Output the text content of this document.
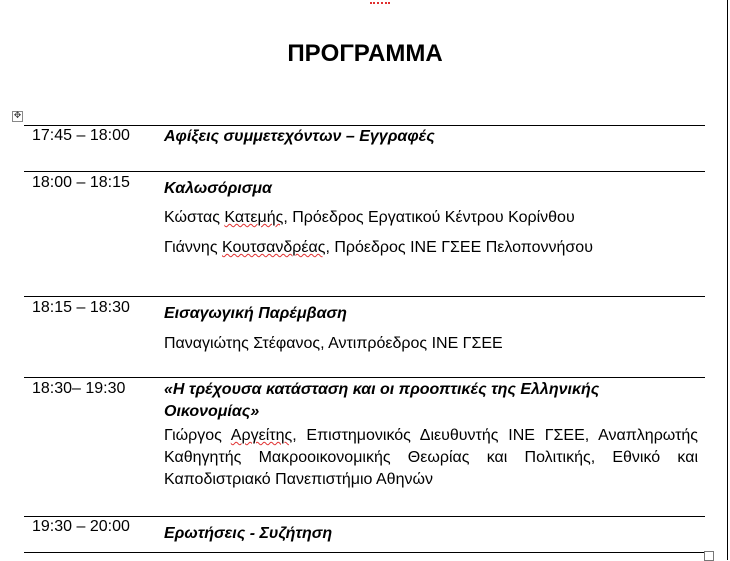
ΠΡΟΓΡΑΜΜΑ
✥
17:45 – 18:00 Αφίξεις συμμετεχόντων – Εγγραφές
18:00 – 18:15 Καλωσόρισμα
Κώστας Κατεμής, Πρόεδρος Εργατικού Κέντρου Κορίνθου
Γιάννης Κουτσανδρέας, Πρόεδρος ΙΝΕ ΓΣΕΕ Πελοποννήσου
18:15 – 18:30 Εισαγωγική Παρέμβαση
Παναγιώτης Στέφανος, Αντιπρόεδρος ΙΝΕ ΓΣΕΕ
18:30– 19:30 «Η τρέχουσα κατάσταση και οι προοπτικές της Ελληνικής
Οικονομίας»
Γιώργος Αργείτης, Επιστημονικός Διευθυντής ΙΝΕ ΓΣΕΕ, Αναπληρωτής Καθηγητής Μακροοικονομικής Θεωρίας και Πολιτικής, Εθνικό και Καποδιστριακό Πανεπιστήμιο Αθηνών
19:30 – 20:00 Ερωτήσεις - Συζήτηση
